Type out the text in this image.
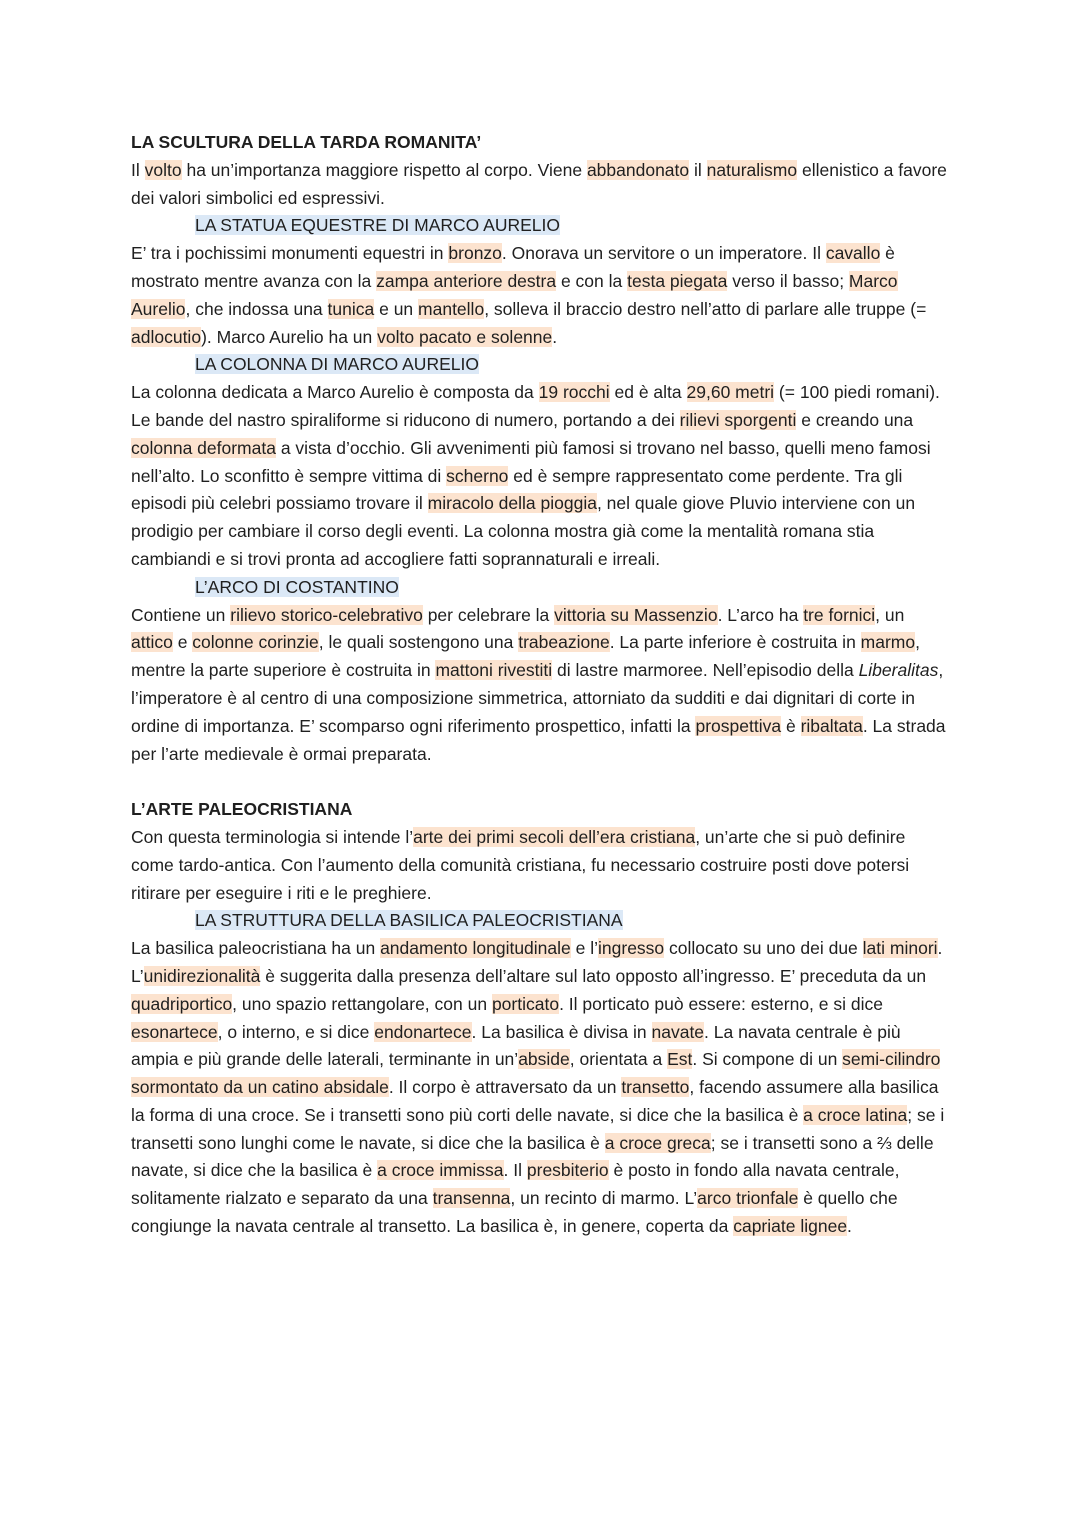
LA SCULTURA DELLA TARDA ROMANITA’
Il volto ha un’importanza maggiore rispetto al corpo. Viene abbandonato il naturalismo ellenistico a favore dei valori simbolici ed espressivi.
LA STATUA EQUESTRE DI MARCO AURELIO
E’ tra i pochissimi monumenti equestri in bronzo. Onorava un servitore o un imperatore. Il cavallo è mostrato mentre avanza con la zampa anteriore destra e con la testa piegata verso il basso; Marco Aurelio, che indossa una tunica e un mantello, solleva il braccio destro nell’atto di parlare alle truppe (= adlocutio). Marco Aurelio ha un volto pacato e solenne.
LA COLONNA DI MARCO AURELIO
La colonna dedicata a Marco Aurelio è composta da 19 rocchi ed è alta 29,60 metri (= 100 piedi romani). Le bande del nastro spiraliforme si riducono di numero, portando a dei rilievi sporgenti e creando una colonna deformata a vista d’occhio. Gli avvenimenti più famosi si trovano nel basso, quelli meno famosi nell’alto. Lo sconfitto è sempre vittima di scherno ed è sempre rappresentato come perdente. Tra gli episodi più celebri possiamo trovare il miracolo della pioggia, nel quale giove Pluvio interviene con un prodigio per cambiare il corso degli eventi. La colonna mostra già come la mentalità romana stia cambiandi e si trovi pronta ad accogliere fatti soprannaturali e irreali.
L’ARCO DI COSTANTINO
Contiene un rilievo storico-celebrativo per celebrare la vittoria su Massenzio. L’arco ha tre fornici, un attico e colonne corinzie, le quali sostengono una trabeazione. La parte inferiore è costruita in marmo, mentre la parte superiore è costruita in mattoni rivestiti di lastre marmoree. Nell’episodio della Liberalitas, l’imperatore è al centro di una composizione simmetrica, attorniato da sudditi e dai dignitari di corte in ordine di importanza. E’ scomparso ogni riferimento prospettico, infatti la prospettiva è ribaltata. La strada per l’arte medievale è ormai preparata.
L’ARTE PALEOCRISTIANA
Con questa terminologia si intende l’arte dei primi secoli dell’era cristiana, un’arte che si può definire come tardo-antica. Con l’aumento della comunità cristiana, fu necessario costruire posti dove potersi ritirare per eseguire i riti e le preghiere.
LA STRUTTURA DELLA BASILICA PALEOCRISTIANA
La basilica paleocristiana ha un andamento longitudinale e l’ingresso collocato su uno dei due lati minori. L’unidirezionalità è suggerita dalla presenza dell’altare sul lato opposto all’ingresso. E’ preceduta da un quadriportico, uno spazio rettangolare, con un porticato. Il porticato può essere: esterno, e si dice esonartece, o interno, e si dice endonartece. La basilica è divisa in navate. La navata centrale è più ampia e più grande delle laterali, terminante in un’abside, orientata a Est. Si compone di un semi-cilindro sormontato da un catino absidale. Il corpo è attraversato da un transetto, facendo assumere alla basilica la forma di una croce. Se i transetti sono più corti delle navate, si dice che la basilica è a croce latina; se i transetti sono lunghi come le navate, si dice che la basilica è a croce greca; se i transetti sono a ⅔ delle navate, si dice che la basilica è a croce immissa. Il presbiterio è posto in fondo alla navata centrale, solitamente rialzato e separato da una transenna, un recinto di marmo. L’arco trionfale è quello che congiunge la navata centrale al transetto. La basilica è, in genere, coperta da capriate lignee.
